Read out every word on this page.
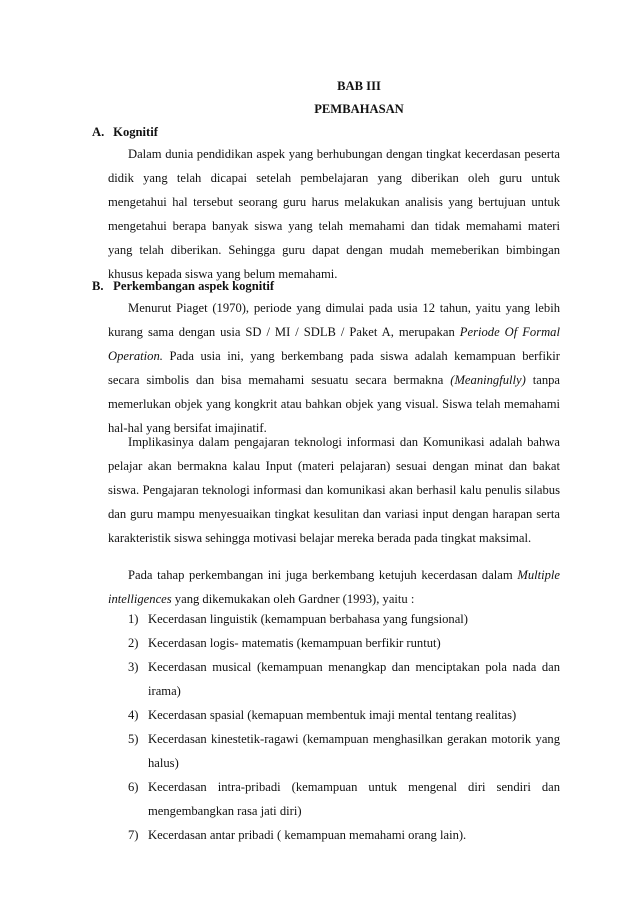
BAB III
PEMBAHASAN
A. Kognitif

Dalam dunia pendidikan aspek yang berhubungan dengan tingkat kecerdasan peserta didik yang telah dicapai setelah pembelajaran yang diberikan oleh guru untuk mengetahui hal tersebut seorang guru harus melakukan analisis yang bertujuan untuk mengetahui berapa banyak siswa yang telah memahami dan tidak memahami materi yang telah diberikan. Sehingga guru dapat dengan mudah memeberikan bimbingan khusus kepada siswa yang belum memahami.

B. Perkembangan aspek kognitif

Menurut Piaget (1970), periode yang dimulai pada usia 12 tahun, yaitu yang lebih kurang sama dengan usia SD / MI / SDLB / Paket A, merupakan Periode Of Formal Operation. Pada usia ini, yang berkembang pada siswa adalah kemampuan berfikir secara simbolis dan bisa memahami sesuatu secara bermakna (Meaningfully) tanpa memerlukan objek yang kongkrit atau bahkan objek yang visual. Siswa telah memahami hal-hal yang bersifat imajinatif.

Implikasinya dalam pengajaran teknologi informasi dan Komunikasi adalah bahwa pelajar akan bermakna kalau Input (materi pelajaran) sesuai dengan minat dan bakat siswa. Pengajaran teknologi informasi dan komunikasi akan berhasil kalu penulis silabus dan guru mampu menyesuaikan tingkat kesulitan dan variasi input dengan harapan serta karakteristik siswa sehingga motivasi belajar mereka berada pada tingkat maksimal.

Pada tahap perkembangan ini juga berkembang ketujuh kecerdasan dalam Multiple intelligences yang dikemukakan oleh Gardner (1993), yaitu :

1) Kecerdasan linguistik (kemampuan berbahasa yang fungsional)
2) Kecerdasan logis- matematis (kemampuan berfikir runtut)
3) Kecerdasan musical (kemampuan menangkap dan menciptakan pola nada dan irama)
4) Kecerdasan spasial (kemapuan membentuk imaji mental tentang realitas)
5) Kecerdasan kinestetik-ragawi (kemampuan menghasilkan gerakan motorik yang halus)
6) Kecerdasan intra-pribadi (kemampuan untuk mengenal diri sendiri dan mengembangkan rasa jati diri)
7) Kecerdasan antar pribadi ( kemampuan memahami orang lain).
